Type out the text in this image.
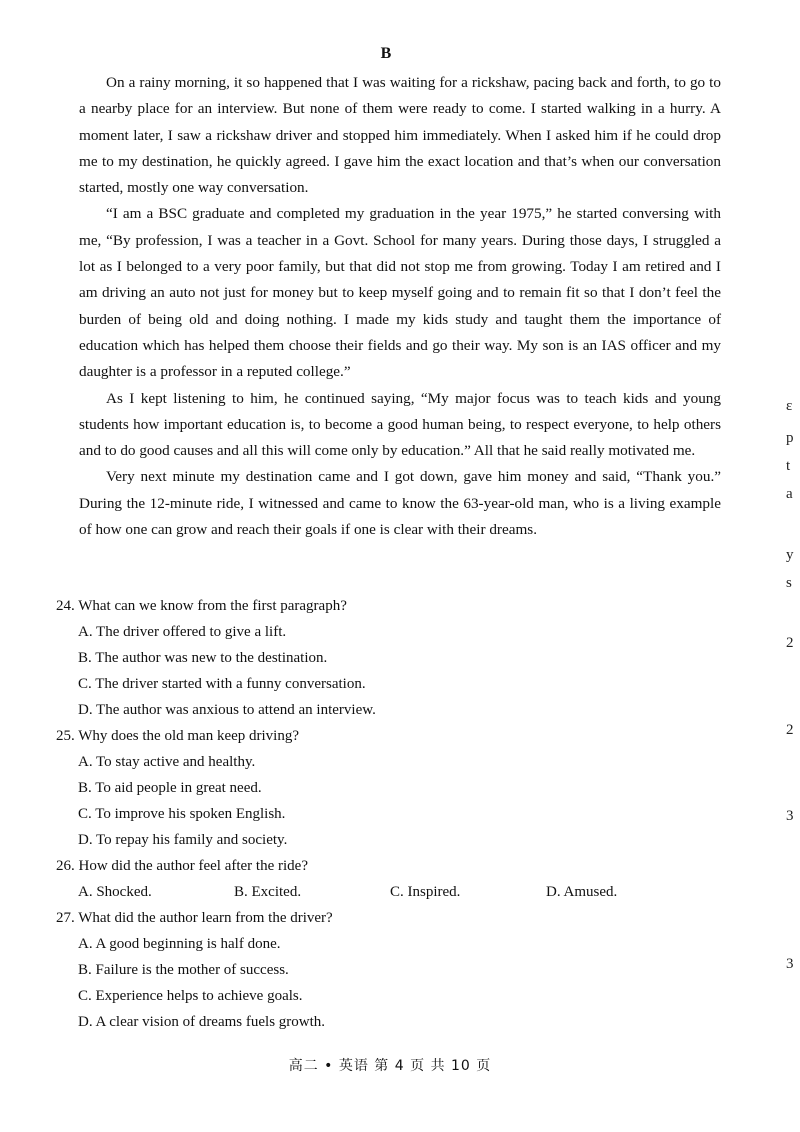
B

On a rainy morning, it so happened that I was waiting for a rickshaw, pacing back and forth, to go to a nearby place for an interview. But none of them were ready to come. I started walking in a hurry. A moment later, I saw a rickshaw driver and stopped him immediately. When I asked him if he could drop me to my destination, he quickly agreed. I gave him the exact location and that’s when our conversation started, mostly one way conversation.

“I am a BSC graduate and completed my graduation in the year 1975,” he started conversing with me, “By profession, I was a teacher in a Govt. School for many years. During those days, I struggled a lot as I belonged to a very poor family, but that did not stop me from growing. Today I am retired and I am driving an auto not just for money but to keep myself going and to remain fit so that I don’t feel the burden of being old and doing nothing. I made my kids study and taught them the importance of education which has helped them choose their fields and go their way. My son is an IAS officer and my daughter is a professor in a reputed college.”

As I kept listening to him, he continued saying, “My major focus was to teach kids and young students how important education is, to become a good human being, to respect everyone, to help others and to do good causes and all this will come only by education.” All that he said really motivated me.

Very next minute my destination came and I got down, gave him money and said, “Thank you.” During the 12-minute ride, I witnessed and came to know the 63-year-old man, who is a living example of how one can grow and reach their goals if one is clear with their dreams.

24. What can we know from the first paragraph?
A. The driver offered to give a lift.
B. The author was new to the destination.
C. The driver started with a funny conversation.
D. The author was anxious to attend an interview.
25. Why does the old man keep driving?
A. To stay active and healthy.
B. To aid people in great need.
C. To improve his spoken English.
D. To repay his family and society.
26. How did the author feel after the ride?
A. Shocked.	B. Excited.	C. Inspired.	D. Amused.
27. What did the author learn from the driver?
A. A good beginning is half done.
B. Failure is the mother of success.
C. Experience helps to achieve goals.
D. A clear vision of dreams fuels growth.
高二 • 英语 第 4 页 共 10 页
ε
p
t
a
y
s
2
2
3
3
